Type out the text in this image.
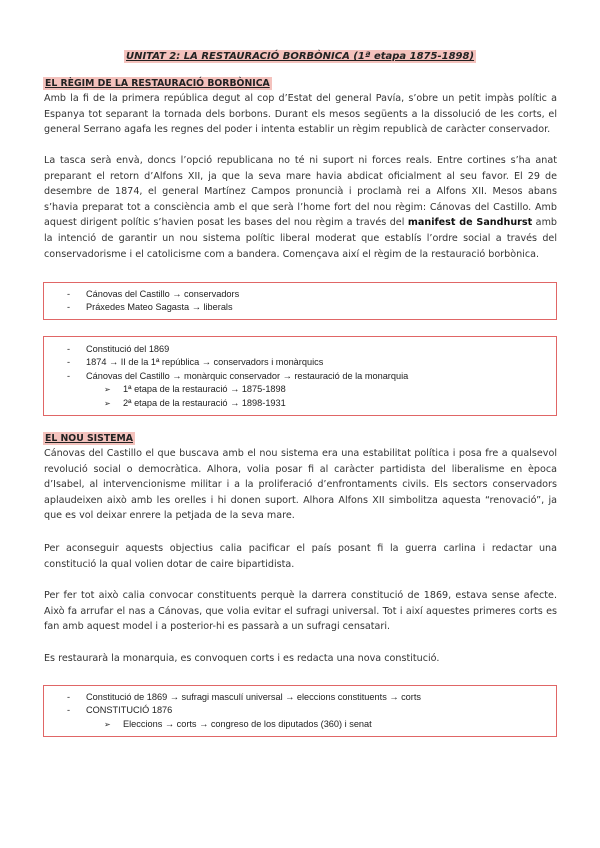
UNITAT 2: LA RESTAURACIÓ BORBÒNICA (1ª etapa 1875-1898)
EL RÈGIM DE LA RESTAURACIÓ BORBÒNICA

Amb la fi de la primera república degut al cop d’Estat del general Pavía, s’obre un petit impàs polític a Espanya tot separant la tornada dels borbons. Durant els mesos següents a la dissolució de les corts, el general Serrano agafa les regnes del poder i intenta establir un règim republicà de caràcter conservador.

La tasca serà envà, doncs l’opció republicana no té ni suport ni forces reals. Entre cortines s’ha anat preparant el retorn d’Alfons XII, ja que la seva mare havia abdicat oficialment al seu favor. El 29 de desembre de 1874, el general Martínez Campos pronuncià i proclamà rei a Alfons XII. Mesos abans s’havia preparat tot a consciència amb el que serà l’home fort del nou règim: Cánovas del Castillo. Amb aquest dirigent polític s’havien posat les bases del nou règim a través del manifest de Sandhurst amb la intenció de garantir un nou sistema polític liberal moderat que establís l’ordre social a través del conservadorisme i el catolicisme com a bandera. Començava així el règim de la restauració borbònica.

- Cánovas del Castillo → conservadors
- Práxedes Mateo Sagasta → liberals
- Constitució del 1869
- 1874 → II de la 1ª república → conservadors i monàrquics
- Cánovas del Castillo → monàrquic conservador → restauració de la monarquia
➢ 1ª etapa de la restauració → 1875-1898
➢ 2ª etapa de la restauració → 1898-1931
EL NOU SISTEMA

Cánovas del Castillo el que buscava amb el nou sistema era una estabilitat política i posa fre a qualsevol revolució social o democràtica. Alhora, volia posar fi al caràcter partidista del liberalisme en època d’Isabel, al intervencionisme militar i a la proliferació d’enfrontaments civils. Els sectors conservadors aplaudeixen això amb les orelles i hi donen suport. Alhora Alfons XII simbolitza aquesta “renovació”, ja que es vol deixar enrere la petjada de la seva mare.

Per aconseguir aquests objectius calia pacificar el país posant fi la guerra carlina i redactar una constitució la qual volien dotar de caire bipartidista.

Per fer tot això calia convocar constituents perquè la darrera constitució de 1869, estava sense afecte. Això fa arrufar el nas a Cánovas, que volia evitar el sufragi universal. Tot i així aquestes primeres corts es fan amb aquest model i a posterior-hi es passarà a un sufragi censatari.

Es restaurarà la monarquia, es convoquen corts i es redacta una nova constitució.

- Constitució de 1869 → sufragi masculí universal → eleccions constituents → corts
- CONSTITUCIÓ 1876
➢ Eleccions → corts → congreso de los diputados (360) i senat
